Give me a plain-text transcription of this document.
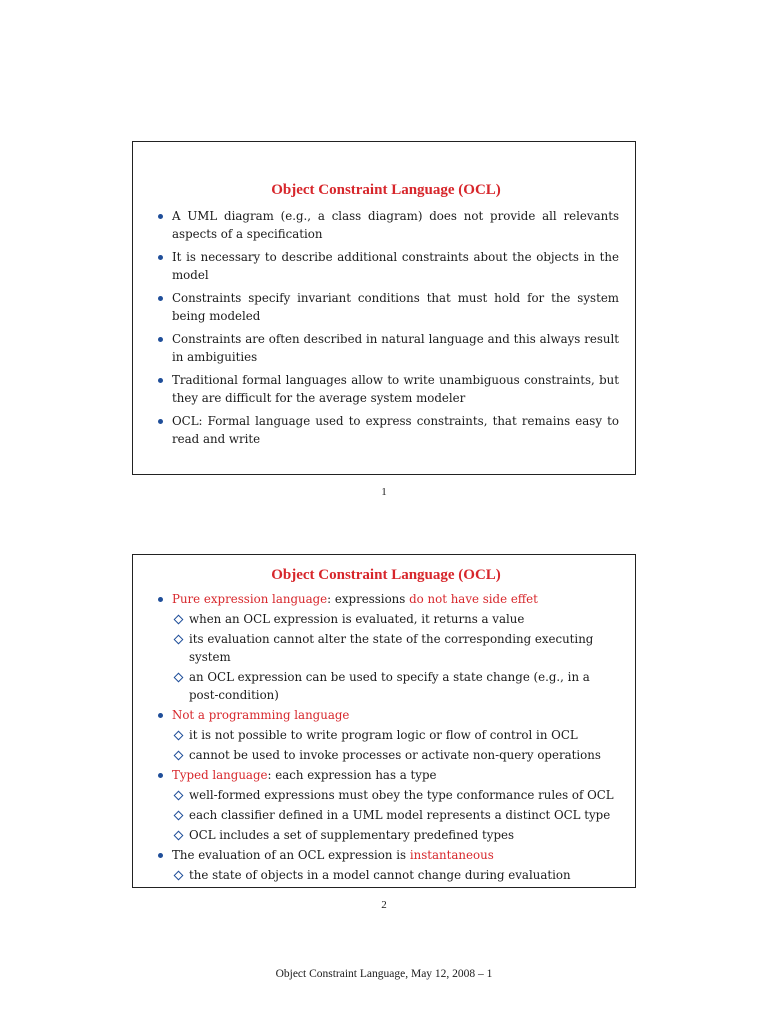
Object Constraint Language (OCL)
A UML diagram (e.g., a class diagram) does not provide all relevants aspects of a specification
It is necessary to describe additional constraints about the objects in the model
Constraints specify invariant conditions that must hold for the system being modeled
Constraints are often described in natural language and this always result in ambiguities
Traditional formal languages allow to write unambiguous constraints, but they are difficult for the average system modeler
OCL: Formal language used to express constraints, that remains easy to read and write
1
Object Constraint Language (OCL)
Pure expression language: expressions do not have side effet
when an OCL expression is evaluated, it returns a value
its evaluation cannot alter the state of the corresponding executing system
an OCL expression can be used to specify a state change (e.g., in a post-condition)
Not a programming language
it is not possible to write program logic or flow of control in OCL
cannot be used to invoke processes or activate non-query operations
Typed language: each expression has a type
well-formed expressions must obey the type conformance rules of OCL
each classifier defined in a UML model represents a distinct OCL type
OCL includes a set of supplementary predefined types
The evaluation of an OCL expression is instantaneous
the state of objects in a model cannot change during evaluation
2
Object Constraint Language, May 12, 2008 – 1
